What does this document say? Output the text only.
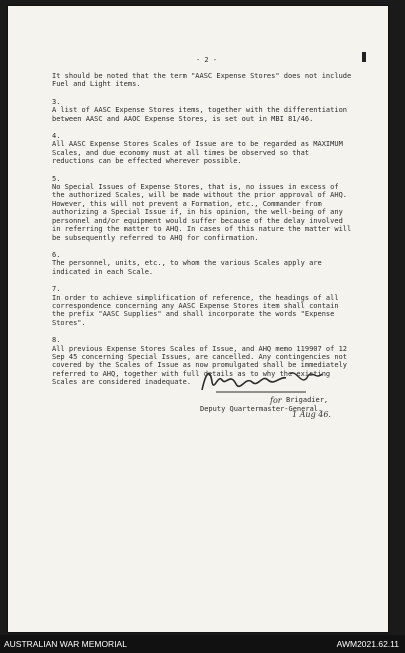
- 2 -

It should be noted that the term "AASC Expense Stores" does not include Fuel and Light items.

3.
A list of AASC Expense Stores items, together with the differentiation between AASC and AAOC Expense Stores, is set out in MBI 81/46.

4.
All AASC Expense Stores Scales of Issue are to be regarded as MAXIMUM Scales, and due economy must at all times be observed so that reductions can be effected wherever possible.

5.
No Special Issues of Expense Stores, that is, no issues in excess of the authorized Scales, will be made without the prior approval of AHQ. However, this will not prevent a Formation, etc., Commander from authorizing a Special Issue if, in his opinion, the well-being of any personnel and/or equipment would suffer because of the delay involved in referring the matter to AHQ. In cases of this nature the matter will be subsequently referred to AHQ for confirmation.

6.
The personnel, units, etc., to whom the various Scales apply are indicated in each Scale.

7.
In order to achieve simplification of reference, the headings of all correspondence concerning any AASC Expense Stores item shall contain the prefix "AASC Supplies" and shall incorporate the words "Expense Stores".

8.
All previous Expense Stores Scales of Issue, and AHQ memo 119907 of 12 Sep 45 concerning Special Issues, are cancelled. Any contingencies not covered by the Scales of Issue as now promulgated shall be immediately referred to AHQ, together with full details as to why the existing Scales are considered inadequate.

for Brigadier,
Deputy Quartermaster-General.
1 Aug 46.
AUSTRALIAN WAR MEMORIAL	AWM2021.62.11
